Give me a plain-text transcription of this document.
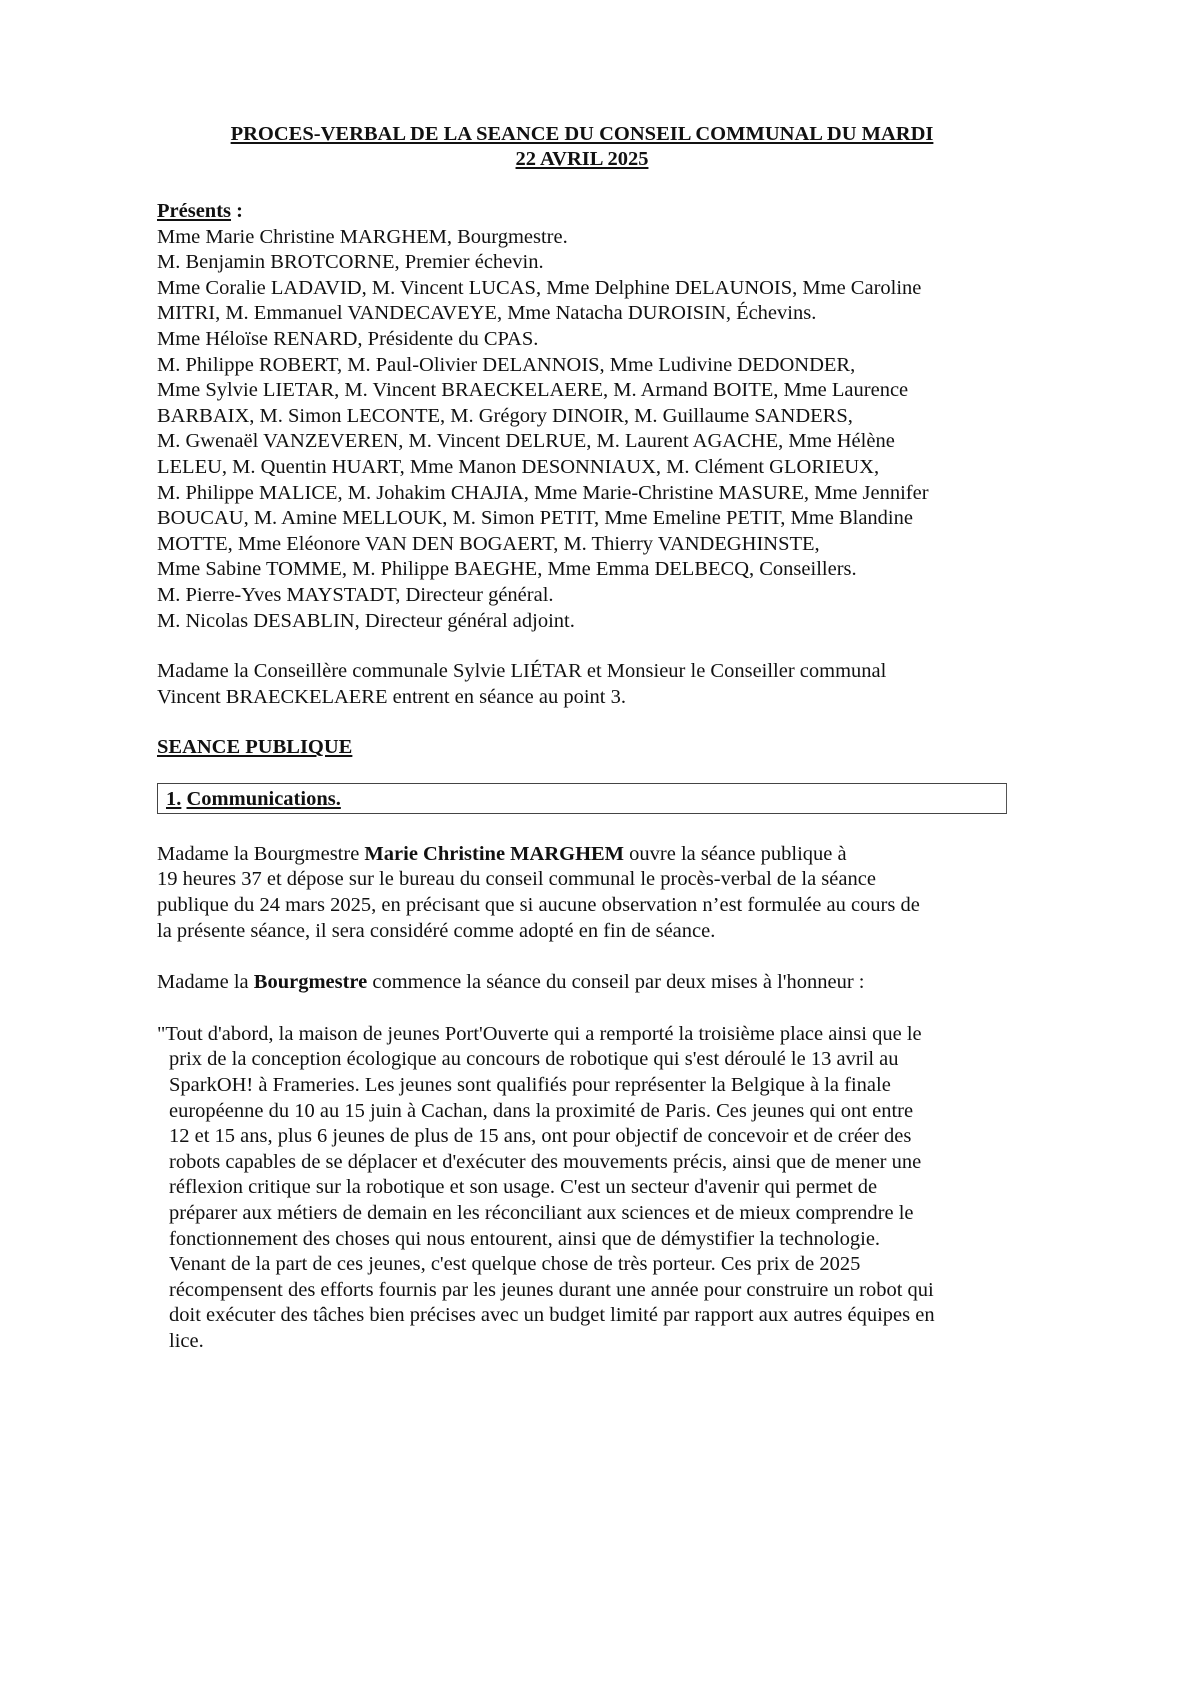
PROCES-VERBAL DE LA SEANCE DU CONSEIL COMMUNAL DU MARDI
22 AVRIL 2025

Présents :

Mme Marie Christine MARGHEM, Bourgmestre.

M. Benjamin BROTCORNE, Premier échevin.

Mme Coralie LADAVID, M. Vincent LUCAS, Mme Delphine DELAUNOIS, Mme Caroline

MITRI, M. Emmanuel VANDECAVEYE, Mme Natacha DUROISIN, Échevins.

Mme Héloïse RENARD, Présidente du CPAS.

M. Philippe ROBERT, M. Paul-Olivier DELANNOIS, Mme Ludivine DEDONDER,

Mme Sylvie LIETAR, M. Vincent BRAECKELAERE, M. Armand BOITE, Mme Laurence

BARBAIX, M. Simon LECONTE, M. Grégory DINOIR, M. Guillaume SANDERS,

M. Gwenaël VANZEVEREN, M. Vincent DELRUE, M. Laurent AGACHE, Mme Hélène

LELEU, M. Quentin HUART, Mme Manon DESONNIAUX, M. Clément GLORIEUX,

M. Philippe MALICE, M. Johakim CHAJIA, Mme Marie-Christine MASURE, Mme Jennifer

BOUCAU, M. Amine MELLOUK, M. Simon PETIT, Mme Emeline PETIT, Mme Blandine

MOTTE, Mme Eléonore VAN DEN BOGAERT, M. Thierry VANDEGHINSTE,

Mme Sabine TOMME, M. Philippe BAEGHE, Mme Emma DELBECQ, Conseillers.

M. Pierre-Yves MAYSTADT, Directeur général.

M. Nicolas DESABLIN, Directeur général adjoint.

Madame la Conseillère communale Sylvie LIÉTAR et Monsieur le Conseiller communal

Vincent BRAECKELAERE entrent en séance au point 3.

SEANCE PUBLIQUE

1. Communications.

Madame la Bourgmestre Marie Christine MARGHEM ouvre la séance publique à

19 heures 37 et dépose sur le bureau du conseil communal le procès-verbal de la séance

publique du 24 mars 2025, en précisant que si aucune observation n’est formulée au cours de

la présente séance, il sera considéré comme adopté en fin de séance.

Madame la Bourgmestre commence la séance du conseil par deux mises à l'honneur :

"Tout d'abord, la maison de jeunes Port'Ouverte qui a remporté la troisième place ainsi que le

prix de la conception écologique au concours de robotique qui s'est déroulé le 13 avril au

SparkOH! à Frameries. Les jeunes sont qualifiés pour représenter la Belgique à la finale

européenne du 10 au 15 juin à Cachan, dans la proximité de Paris. Ces jeunes qui ont entre

12 et 15 ans, plus 6 jeunes de plus de 15 ans, ont pour objectif de concevoir et de créer des

robots capables de se déplacer et d'exécuter des mouvements précis, ainsi que de mener une

réflexion critique sur la robotique et son usage. C'est un secteur d'avenir qui permet de

préparer aux métiers de demain en les réconciliant aux sciences et de mieux comprendre le

fonctionnement des choses qui nous entourent, ainsi que de démystifier la technologie.

Venant de la part de ces jeunes, c'est quelque chose de très porteur. Ces prix de 2025

récompensent des efforts fournis par les jeunes durant une année pour construire un robot qui

doit exécuter des tâches bien précises avec un budget limité par rapport aux autres équipes en

lice.
